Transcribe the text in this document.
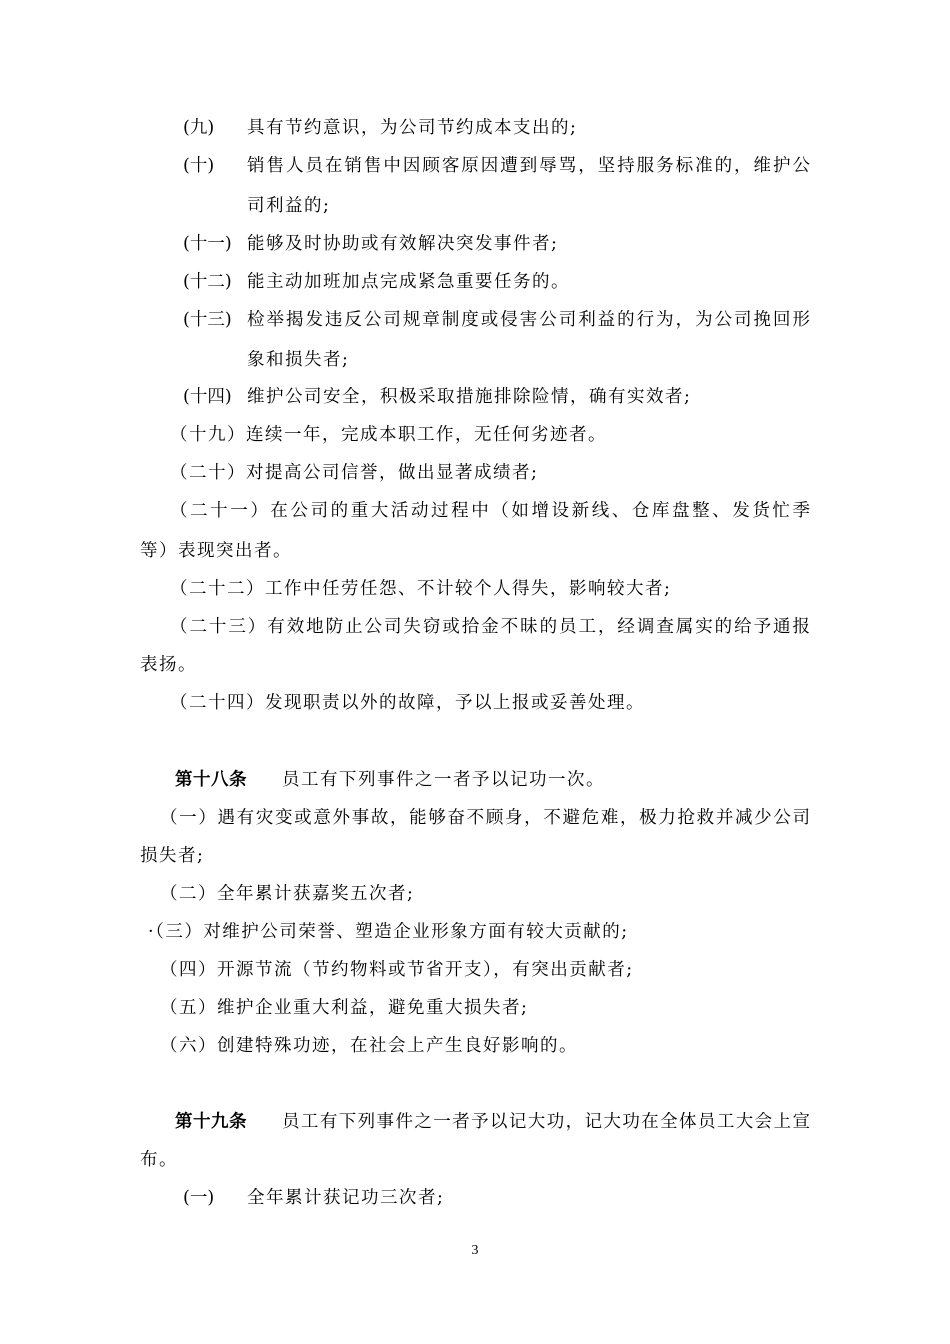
(九) 具有节约意识，为公司节约成本支出的;
(十) 销售人员在销售中因顾客原因遭到辱骂，坚持服务标准的，维护公
司利益的;
(十一) 能够及时协助或有效解决突发事件者;
(十二) 能主动加班加点完成紧急重要任务的。
(十三) 检举揭发违反公司规章制度或侵害公司利益的行为，为公司挽回形
象和损失者;
(十四) 维护公司安全，积极采取措施排除险情，确有实效者;
（十九）连续一年，完成本职工作，无任何劣迹者。
（二十）对提高公司信誉，做出显著成绩者;
（二十一）在公司的重大活动过程中（如增设新线、仓库盘整、发货忙季
等）表现突出者。
（二十二）工作中任劳任怨、不计较个人得失，影响较大者;
（二十三）有效地防止公司失窃或拾金不昧的员工，经调查属实的给予通报
表扬。
（二十四）发现职责以外的故障，予以上报或妥善处理。
第十八条 员工有下列事件之一者予以记功一次。
（一）遇有灾变或意外事故，能够奋不顾身，不避危难，极力抢救并减少公司
损失者;
（二）全年累计获嘉奖五次者;
·（三）对维护公司荣誉、塑造企业形象方面有较大贡献的;
（四）开源节流（节约物料或节省开支），有突出贡献者;
（五）维护企业重大利益，避免重大损失者;
（六）创建特殊功迹，在社会上产生良好影响的。
第十九条 员工有下列事件之一者予以记大功，记大功在全体员工大会上宣
布。
(一) 全年累计获记功三次者;
3
